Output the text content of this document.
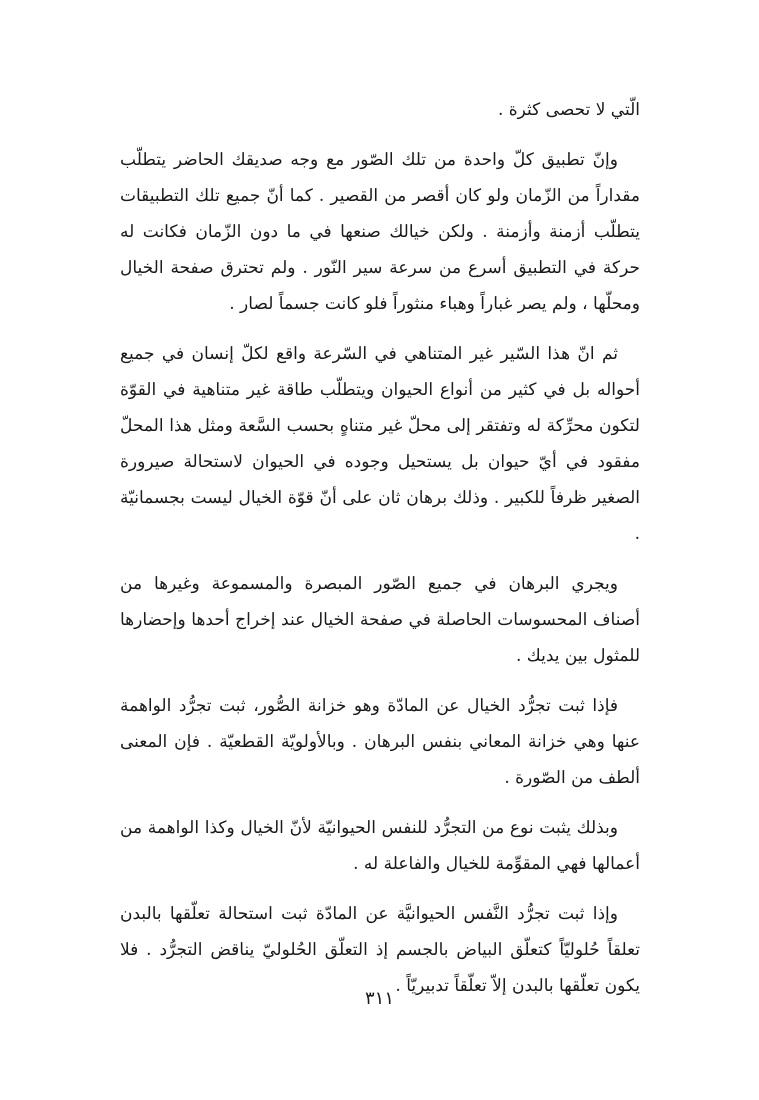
الّتي لا تحصى كثرة .

وإنّ تطبيق كلّ واحدة من تلك الصّور مع وجه صديقك الحاضر يتطلّب مقداراً من الزّمان ولو كان أقصر من القصير . كما أنّ جميع تلك التطبيقات يتطلّب أزمنة وأزمنة . ولكن خيالك صنعها في ما دون الزّمان فكانت له حركة في التطبيق أسرع من سرعة سير النّور . ولم تحترق صفحة الخيال ومحلّها ، ولم يصر غباراً وهباء منثوراً فلو كانت جسماً لصار .

ثم انّ هذا السّير غير المتناهي في السّرعة واقع لكلّ إنسان في جميع أحواله بل في كثير من أنواع الحيوان ويتطلّب طاقة غير متناهية في القوّة لتكون محرِّكة له وتفتقر إلى محلّ غير متناهٍ بحسب السَّعة ومثل هذا المحلّ مفقود في أيّ حيوان بل يستحيل وجوده في الحيوان لاستحالة صيرورة الصغير ظرفاً للكبير . وذلك برهان ثان على أنّ قوّة الخيال ليست بجسمانيّة .

ويجري البرهان في جميع الصّور المبصرة والمسموعة وغيرها من أصناف المحسوسات الحاصلة في صفحة الخيال عند إخراج أحدها وإحضارها للمثول بين يديك .

فإذا ثبت تجرُّد الخيال عن المادّة وهو خزانة الصُّور، ثبت تجرُّد الواهمة عنها وهي خزانة المعاني بنفس البرهان . وبالأولويّة القطعيّة . فإن المعنى ألطف من الصّورة .

وبذلك يثبت نوع من التجرُّد للنفس الحيوانيّة لأنّ الخيال وكذا الواهمة من أعمالها فهي المقوِّمة للخيال والفاعلة له .

وإذا ثبت تجرُّد النَّفس الحيوانيَّة عن المادّة ثبت استحالة تعلّقها بالبدن تعلقاً حُلوليّاً كتعلّق البياض بالجسم إذ التعلّق الحُلوليّ يناقض التجرُّد . فلا يكون تعلّقها بالبدن إلاّ تعلّقاً تدبيريّاً .

٣١١
